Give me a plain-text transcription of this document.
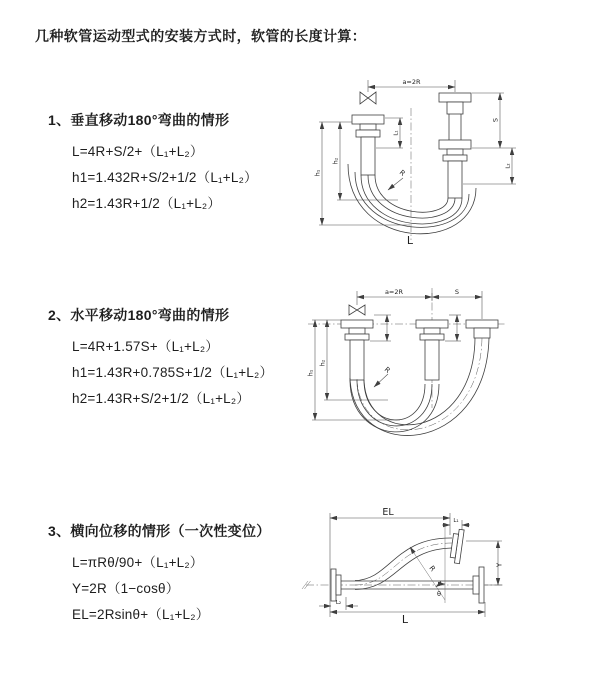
几种软管运动型式的安装方式时，软管的长度计算：
1、垂直移动180°弯曲的情形
L=4R+S/2+（L₁+L₂）
h1=1.432R+S/2+1/2（L₁+L₂）
h2=1.43R+1/2（L₁+L₂）
2、水平移动180°弯曲的情形
L=4R+1.57S+（L₁+L₂）
h1=1.43R+0.785S+1/2（L₁+L₂）
h2=1.43R+S/2+1/2（L₁+L₂）
3、横向位移的情形（一次性变位）
L=πRθ/90+（L₁+L₂）
Y=2R（1−cosθ）
EL=2Rsinθ+（L₁+L₂）
a=2R
h₁
h₂
L₁
S
L₂
R
L
a=2R	S
h₁
h₂
R
EL
L₁
L₂
θ
R	Y
L
